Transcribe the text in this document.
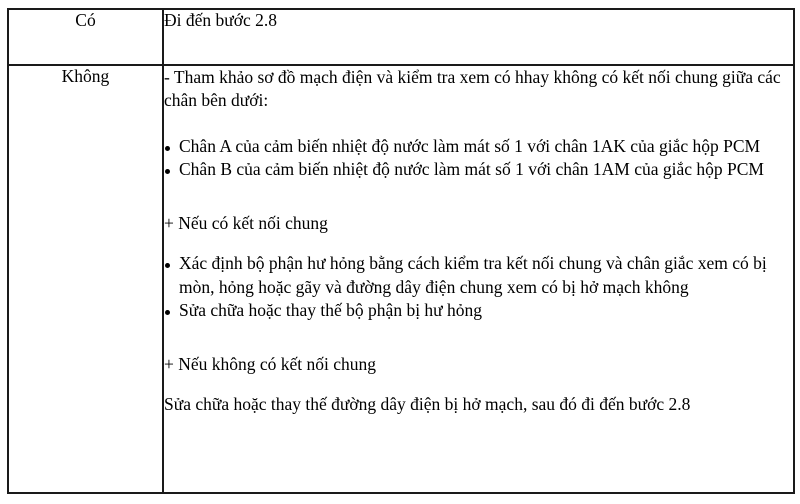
Có	Đi đến bước 2.8

Không	- Tham khảo sơ đồ mạch điện và kiểm tra xem có hhay không có kết nối chung giữa các chân bên dưới:

Chân A của cảm biến nhiệt độ nước làm mát số 1 với chân 1AK của giắc hộp PCM
Chân B của cảm biến nhiệt độ nước làm mát số 1 với chân 1AM của giắc hộp PCM

+ Nếu có kết nối chung

Xác định bộ phận hư hỏng bằng cách kiểm tra kết nối chung và chân giắc xem có bị mòn, hỏng hoặc gãy và đường dây điện chung xem có bị hở mạch không
Sửa chữa hoặc thay thế bộ phận bị hư hỏng

+ Nếu không có kết nối chung

Sửa chữa hoặc thay thế đường dây điện bị hở mạch, sau đó đi đến bước 2.8
